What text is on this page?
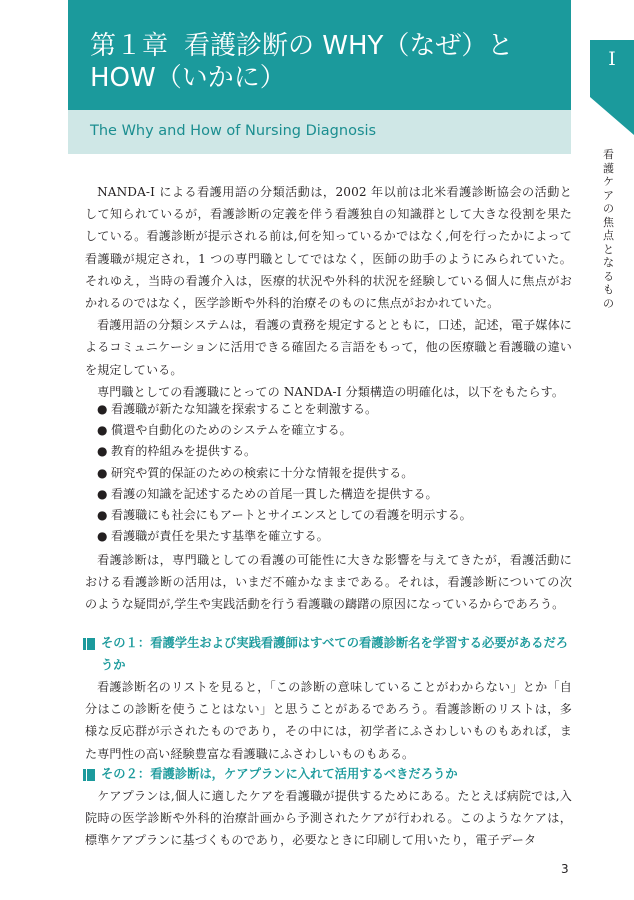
第１章 看護診断の WHY（なぜ）と
HOW（いかに）
The Why and How of Nursing Diagnosis
I
看護ケアの焦点となるもの

NANDA-I による看護用語の分類活動は，2002 年以前は北米看護診断協会の活動として知られているが，看護診断の定義を伴う看護独自の知識群として大きな役割を果たしている。看護診断が提示される前は,何を知っているかではなく,何を行ったかによって看護職が規定され，1 つの専門職としてではなく，医師の助手のようにみられていた。それゆえ，当時の看護介入は，医療的状況や外科的状況を経験している個人に焦点がおかれるのではなく，医学診断や外科的治療そのものに焦点がおかれていた。

看護用語の分類システムは，看護の責務を規定するとともに，口述，記述，電子媒体によるコミュニケーションに活用できる確固たる言語をもって，他の医療職と看護職の違いを規定している。

専門職としての看護職にとっての NANDA-I 分類構造の明確化は，以下をもたらす。

● 看護職が新たな知識を探索することを刺激する。
● 償還や自動化のためのシステムを確立する。
● 教育的枠組みを提供する。
● 研究や質的保証のための検索に十分な情報を提供する。
● 看護の知識を記述するための首尾一貫した構造を提供する。
● 看護職にも社会にもアートとサイエンスとしての看護を明示する。
● 看護職が責任を果たす基準を確立する。

看護診断は，専門職としての看護の可能性に大きな影響を与えてきたが，看護活動における看護診断の活用は，いまだ不確かなままである。それは，看護診断についての次のような疑問が,学生や実践活動を行う看護職の躊躇の原因になっているからであろう。

その１：看護学生および実践看護師はすべての看護診断名を学習する必要があるだろ
うか

看護診断名のリストを見ると，「この診断の意味していることがわからない」とか「自分はこの診断を使うことはない」と思うことがあるであろう。看護診断のリストは，多様な反応群が示されたものであり，その中には，初学者にふさわしいものもあれば，また専門性の高い経験豊富な看護職にふさわしいものもある。

その２：看護診断は，ケアプランに入れて活用するべきだろうか

ケアプランは,個人に適したケアを看護職が提供するためにある。たとえば病院では,入院時の医学診断や外科的治療計画から予測されたケアが行われる。このようなケアは，標準ケアプランに基づくものであり，必要なときに印刷して用いたり，電子データ

3
